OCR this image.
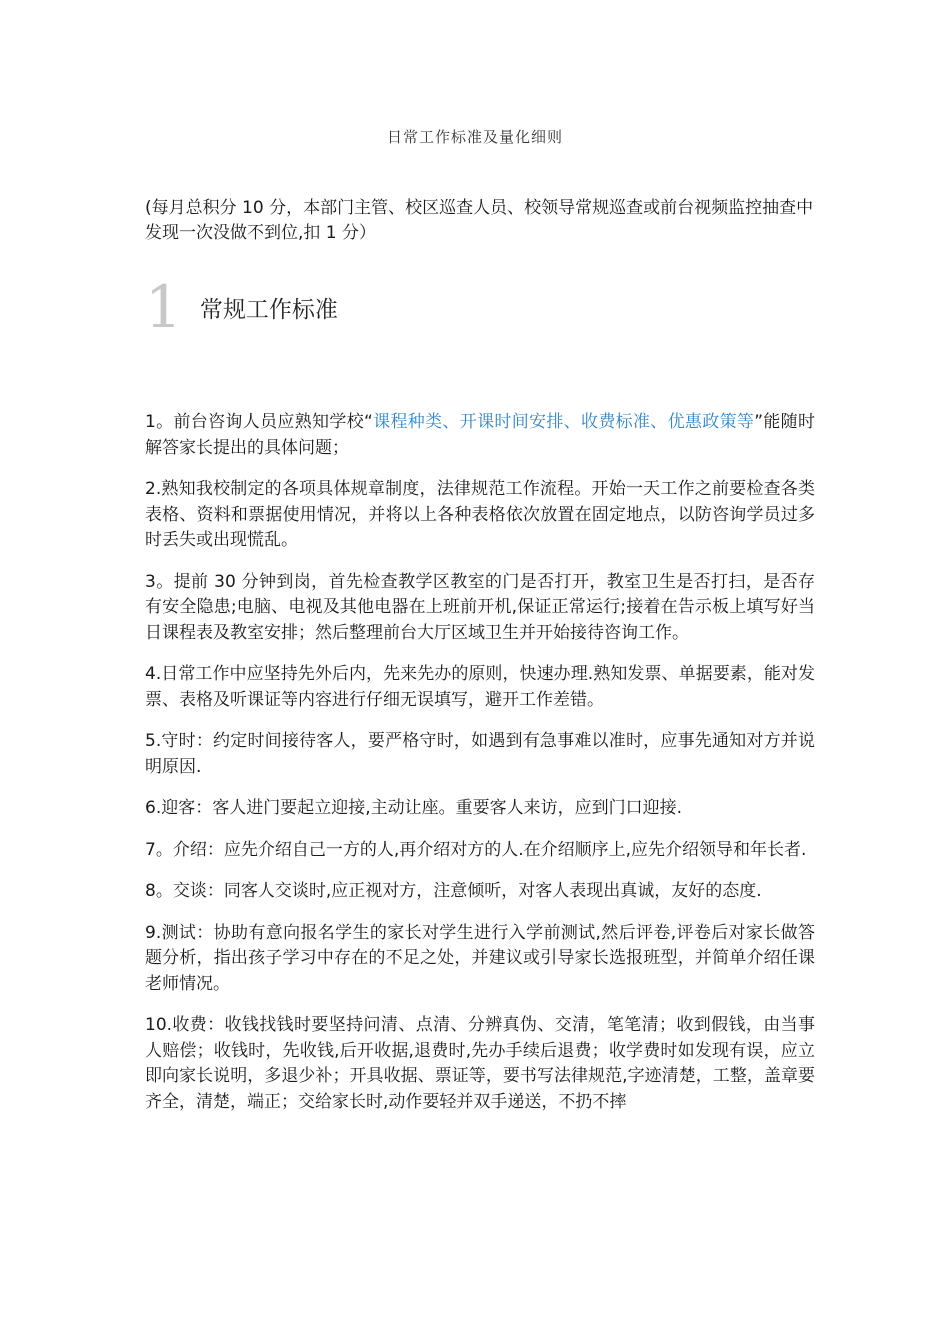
日常工作标准及量化细则
(每月总积分 10 分，本部门主管、校区巡查人员、校领导常规巡查或前台视频监控抽查中发现一次没做不到位,扣 1 分）
1 常规工作标准

1。前台咨询人员应熟知学校“课程种类、开课时间安排、收费标准、优惠政策等”能随时解答家长提出的具体问题；

2.熟知我校制定的各项具体规章制度，法律规范工作流程。开始一天工作之前要检查各类表格、资料和票据使用情况，并将以上各种表格依次放置在固定地点，以防咨询学员过多时丢失或出现慌乱。

3。提前 30 分钟到岗，首先检查教学区教室的门是否打开，教室卫生是否打扫，是否存有安全隐患;电脑、电视及其他电器在上班前开机,保证正常运行;接着在告示板上填写好当日课程表及教室安排；然后整理前台大厅区域卫生并开始接待咨询工作。

4.日常工作中应坚持先外后内，先来先办的原则，快速办理.熟知发票、单据要素，能对发票、表格及听课证等内容进行仔细无误填写，避开工作差错。

5.守时：约定时间接待客人，要严格守时，如遇到有急事难以准时，应事先通知对方并说明原因.

6.迎客：客人进门要起立迎接,主动让座。重要客人来访，应到门口迎接.

7。介绍：应先介绍自己一方的人,再介绍对方的人.在介绍顺序上,应先介绍领导和年长者.

8。交谈：同客人交谈时,应正视对方，注意倾听，对客人表现出真诚，友好的态度.

9.测试：协助有意向报名学生的家长对学生进行入学前测试,然后评卷,评卷后对家长做答题分析，指出孩子学习中存在的不足之处，并建议或引导家长选报班型，并简单介绍任课老师情况。

10.收费：收钱找钱时要坚持问清、点清、分辨真伪、交清，笔笔清；收到假钱，由当事人赔偿；收钱时，先收钱,后开收据,退费时,先办手续后退费；收学费时如发现有误，应立即向家长说明，多退少补；开具收据、票证等，要书写法律规范,字迹清楚，工整，盖章要齐全，清楚，端正；交给家长时,动作要轻并双手递送，不扔不摔
